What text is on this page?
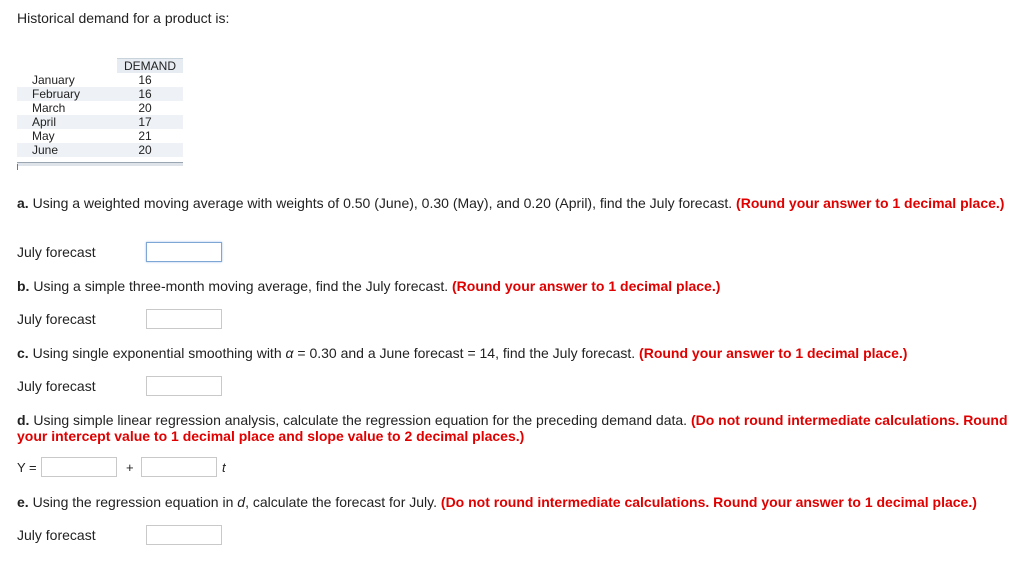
Historical demand for a product is:
DEMAND
January	16
February	16
March	20
April	17
May	21
June	20
a. Using a weighted moving average with weights of 0.50 (June), 0.30 (May), and 0.20 (April), find the July forecast. (Round your answer to 1 decimal place.)
July forecast
b. Using a simple three-month moving average, find the July forecast. (Round your answer to 1 decimal place.)
July forecast
c. Using single exponential smoothing with α = 0.30 and a June forecast = 14, find the July forecast. (Round your answer to 1 decimal place.)
July forecast
d. Using simple linear regression analysis, calculate the regression equation for the preceding demand data. (Do not round intermediate calculations. Round your intercept value to 1 decimal place and slope value to 2 decimal places.)
Y =	+	t
e. Using the regression equation in d, calculate the forecast for July. (Do not round intermediate calculations. Round your answer to 1 decimal place.)
July forecast
